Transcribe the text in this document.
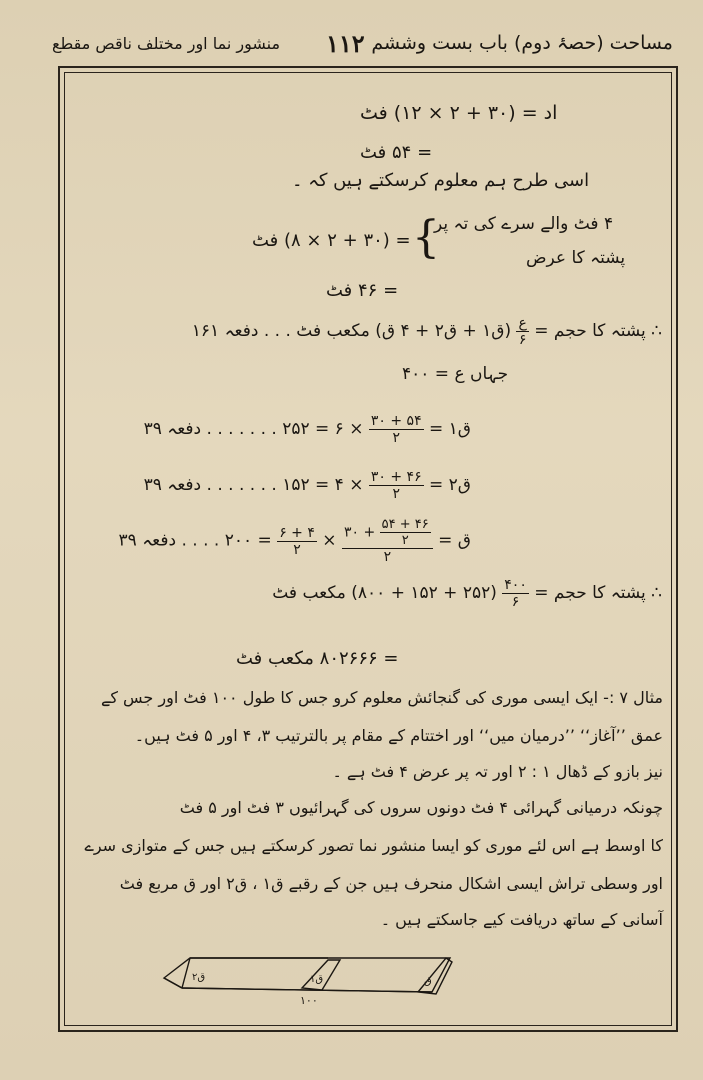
مساحت (حصۂ دوم) باب بست وششم
۱۱۲
منشور نما اور مختلف ناقص مقطع
اد = (۳۰ + ۲ × ۱۲) فٹ
= ۵۴ فٹ
اسی طرح ہم معلوم کرسکتے ہیں کہ ۔
۴ فٹ والے سرے کی تہ پر
پشتہ کا عرض
}
= (۳۰ + ۲ × ۸) فٹ
= ۴۶ فٹ
∴ پشتہ کا حجم =
ع
۶
(ق۱ + ق۲ + ۴ ق) مکعب فٹ . . . دفعہ ۱۶۱
جہاں ع = ۴۰۰
ق۱ =
۵۴ + ۳۰
۲
× ۶ = ۲۵۲ . . . . . . . دفعہ ۳۹
ق۲ =
۴۶ + ۳۰
۲
× ۴ = ۱۵۲ . . . . . . . دفعہ ۳۹
ق =
۴۶ + ۵۴
۲
+ ۳۰
۲
×
۴ + ۶
۲
= ۲۰۰ . . . . دفعہ ۳۹
∴ پشتہ کا حجم =
۴۰۰
۶
(۲۵۲ + ۱۵۲ + ۸۰۰) مکعب فٹ
= ۸۰۲۶۶۶ مکعب فٹ
مثال ۷ :- ایک ایسی موری کی گنجائش معلوم کرو جس کا طول ۱۰۰ فٹ اور جس کے
عمق ’’آغاز‘‘ ’’درمیان میں‘‘ اور اختتام کے مقام پر بالترتیب ۳، ۴ اور ۵ فٹ ہیں۔
نیز بازو کے ڈھال ۱ : ۲ اور تہ پر عرض ۴ فٹ ہے ۔
چونکہ درمیانی گہرائی ۴ فٹ دونوں سروں کی گہرائیوں ۳ فٹ اور ۵ فٹ
کا اوسط ہے اس لئے موری کو ایسا منشور نما تصور کرسکتے ہیں جس کے متوازی سرے
اور وسطی تراش ایسی اشکال منحرف ہیں جن کے رقبے ق۱ ، ق۲ اور ق مربع فٹ
آسانی کے ساتھ دریافت کیے جاسکتے ہیں ۔
۱۰۰
ق۱	ق
ق۲
